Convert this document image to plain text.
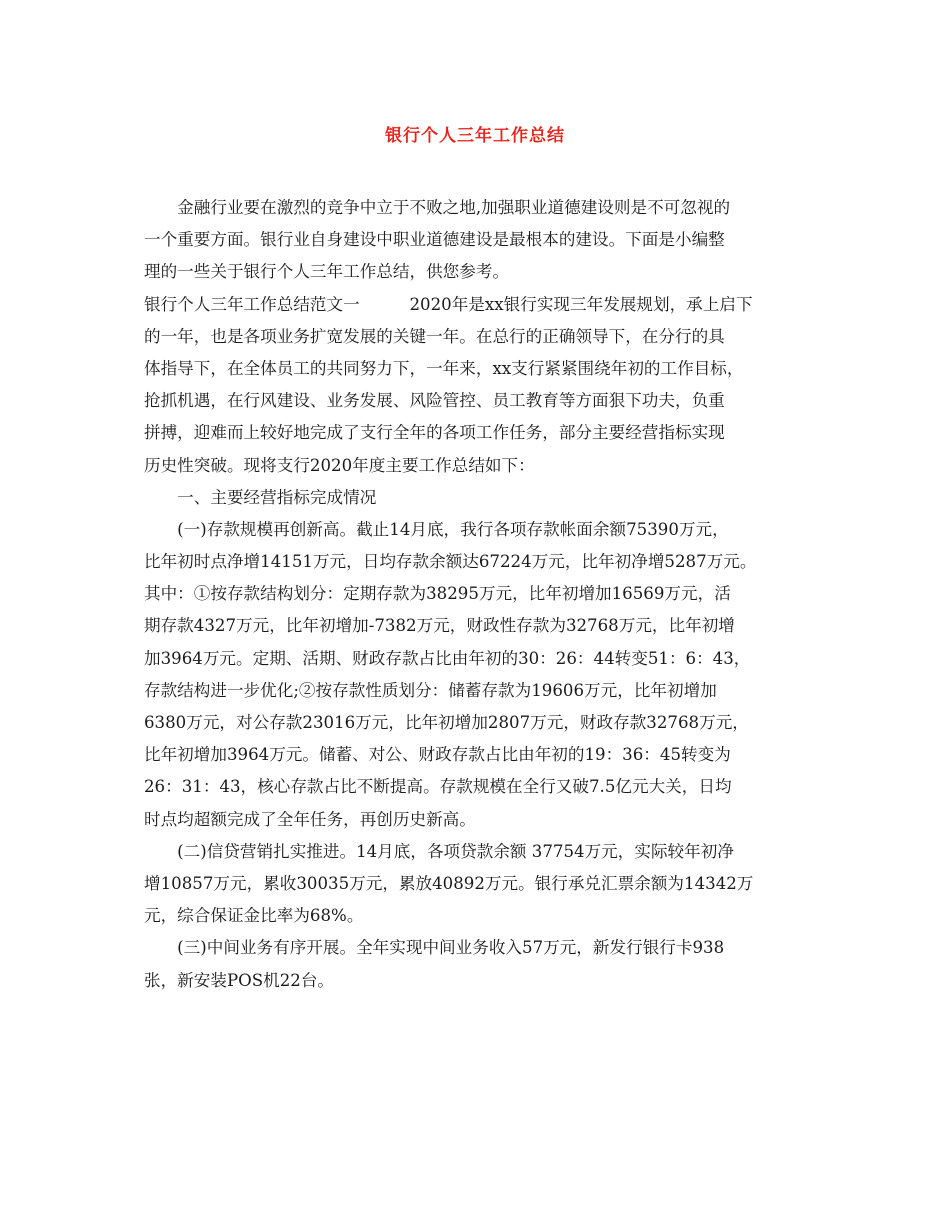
银行个人三年工作总结
　　金融行业要在激烈的竞争中立于不败之地,加强职业道德建设则是不可忽视的
一个重要方面。银行业自身建设中职业道德建设是最根本的建设。下面是小编整
理的一些关于银行个人三年工作总结，供您参考。
银行个人三年工作总结范文一　　　2020年是xx银行实现三年发展规划，承上启下
的一年，也是各项业务扩宽发展的关键一年。在总行的正确领导下，在分行的具
体指导下，在全体员工的共同努力下，一年来，xx支行紧紧围绕年初的工作目标，
抢抓机遇，在行风建设、业务发展、风险管控、员工教育等方面狠下功夫，负重
拼搏，迎难而上较好地完成了支行全年的各项工作任务，部分主要经营指标实现
历史性突破。现将支行2020年度主要工作总结如下：
　　一、主要经营指标完成情况
　　(一)存款规模再创新高。截止14月底，我行各项存款帐面余额75390万元，
比年初时点净增14151万元，日均存款余额达67224万元，比年初净增5287万元。
其中：①按存款结构划分：定期存款为38295万元，比年初增加16569万元，活
期存款4327万元，比年初增加-7382万元，财政性存款为32768万元，比年初增
加3964万元。定期、活期、财政存款占比由年初的30：26：44转变51：6：43，
存款结构进一步优化;②按存款性质划分：储蓄存款为19606万元，比年初增加
6380万元，对公存款23016万元，比年初增加2807万元，财政存款32768万元，
比年初增加3964万元。储蓄、对公、财政存款占比由年初的19：36：45转变为
26：31：43，核心存款占比不断提高。存款规模在全行又破7.5亿元大关，日均
时点均超额完成了全年任务，再创历史新高。
　　(二)信贷营销扎实推进。14月底，各项贷款余额 37754万元，实际较年初净
增10857万元，累收30035万元，累放40892万元。银行承兑汇票余额为14342万
元，综合保证金比率为68%。
　　(三)中间业务有序开展。全年实现中间业务收入57万元，新发行银行卡938
张，新安装POS机22台。
